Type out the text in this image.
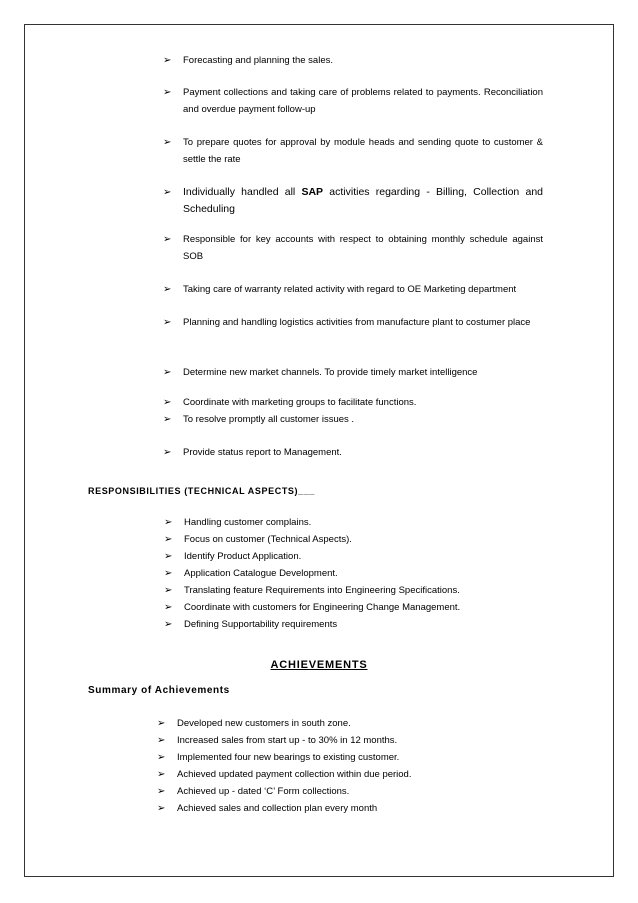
➢ Forecasting and planning the sales.
➢ Payment collections and taking care of problems related to payments. Reconciliation and overdue payment follow-up
➢ To prepare quotes for approval by module heads and sending quote to customer & settle the rate
➢ Individually handled all SAP activities regarding - Billing, Collection and Scheduling
➢ Responsible for key accounts with respect to obtaining monthly schedule against SOB
➢ Taking care of warranty related activity with regard to OE Marketing department
➢ Planning and handling logistics activities from manufacture plant to costumer place
➢ Determine new market channels. To provide timely market intelligence
➢ Coordinate with marketing groups to facilitate functions.
➢ To resolve promptly all customer issues .
➢ Provide status report to Management.
RESPONSIBILITIES (TECHNICAL ASPECTS)___
➢ Handling customer complains.
➢ Focus on customer (Technical Aspects).
➢ Identify Product Application.
➢ Application Catalogue Development.
➢ Translating feature Requirements into Engineering Specifications.
➢ Coordinate with customers for Engineering Change Management.
➢ Defining Supportability requirements
ACHIEVEMENTS
Summary of Achievements
➢ Developed new customers in south zone.
➢ Increased sales from start up - to 30% in 12 months.
➢ Implemented four new bearings to existing customer.
➢ Achieved updated payment collection within due period.
➢ Achieved up - dated ‘C’ Form collections.
➢ Achieved sales and collection plan every month
